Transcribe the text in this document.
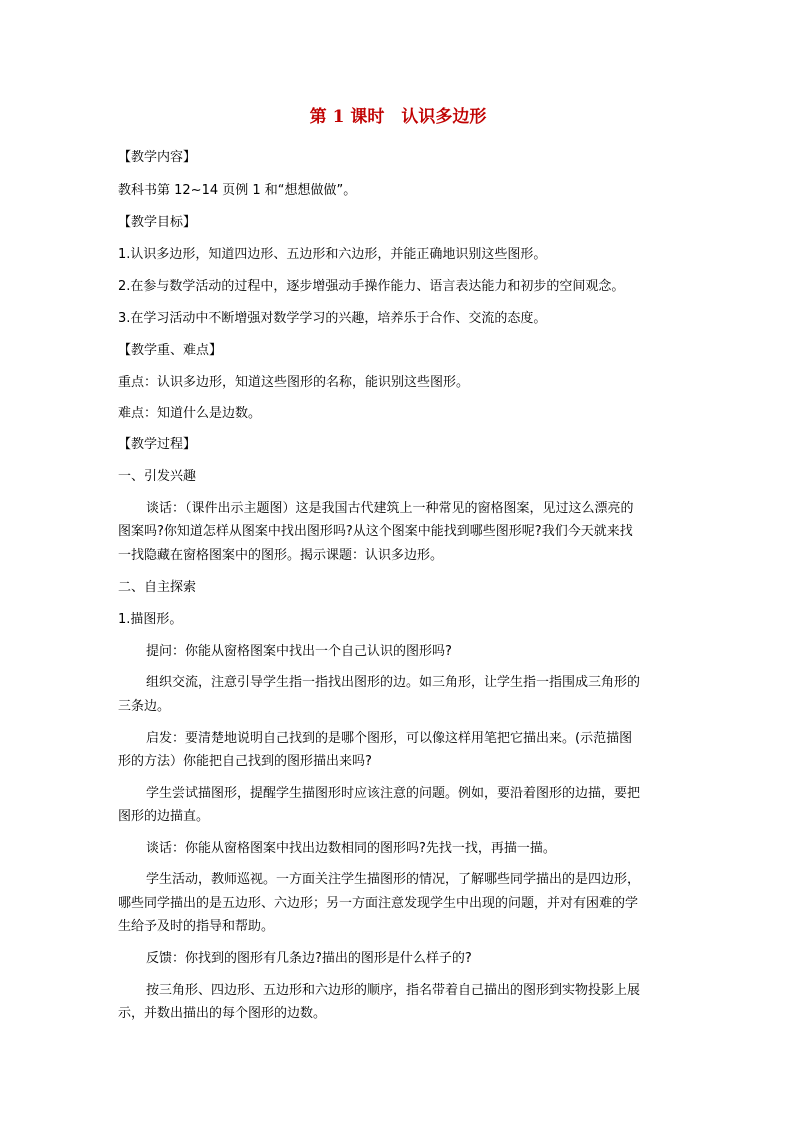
第 1 课时　认识多边形
【教学内容】
教科书第 12~14 页例 1 和“想想做做”。
【教学目标】
1.认识多边形，知道四边形、五边形和六边形，并能正确地识别这些图形。
2.在参与数学活动的过程中，逐步增强动手操作能力、语言表达能力和初步的空间观念。
3.在学习活动中不断增强对数学学习的兴趣，培养乐于合作、交流的态度。
【教学重、难点】
重点：认识多边形，知道这些图形的名称，能识别这些图形。
难点：知道什么是边数。
【教学过程】
一、引发兴趣
谈话：（课件出示主题图）这是我国古代建筑上一种常见的窗格图案，见过这么漂亮的
图案吗?你知道怎样从图案中找出图形吗?从这个图案中能找到哪些图形呢?我们今天就来找
一找隐藏在窗格图案中的图形。揭示课题：认识多边形。
二、自主探索
1.描图形。
提问：你能从窗格图案中找出一个自己认识的图形吗?
组织交流，注意引导学生指一指找出图形的边。如三角形，让学生指一指围成三角形的
三条边。
启发：要清楚地说明自己找到的是哪个图形，可以像这样用笔把它描出来。(示范描图
形的方法）你能把自己找到的图形描出来吗?
学生尝试描图形，提醒学生描图形时应该注意的问题。例如，要沿着图形的边描，要把
图形的边描直。
谈话：你能从窗格图案中找出边数相同的图形吗?先找一找，再描一描。
学生活动，教师巡视。一方面关注学生描图形的情况，了解哪些同学描出的是四边形，
哪些同学描出的是五边形、六边形；另一方面注意发现学生中出现的问题，并对有困难的学
生给予及时的指导和帮助。
反馈：你找到的图形有几条边?描出的图形是什么样子的?
按三角形、四边形、五边形和六边形的顺序，指名带着自己描出的图形到实物投影上展
示，并数出描出的每个图形的边数。
